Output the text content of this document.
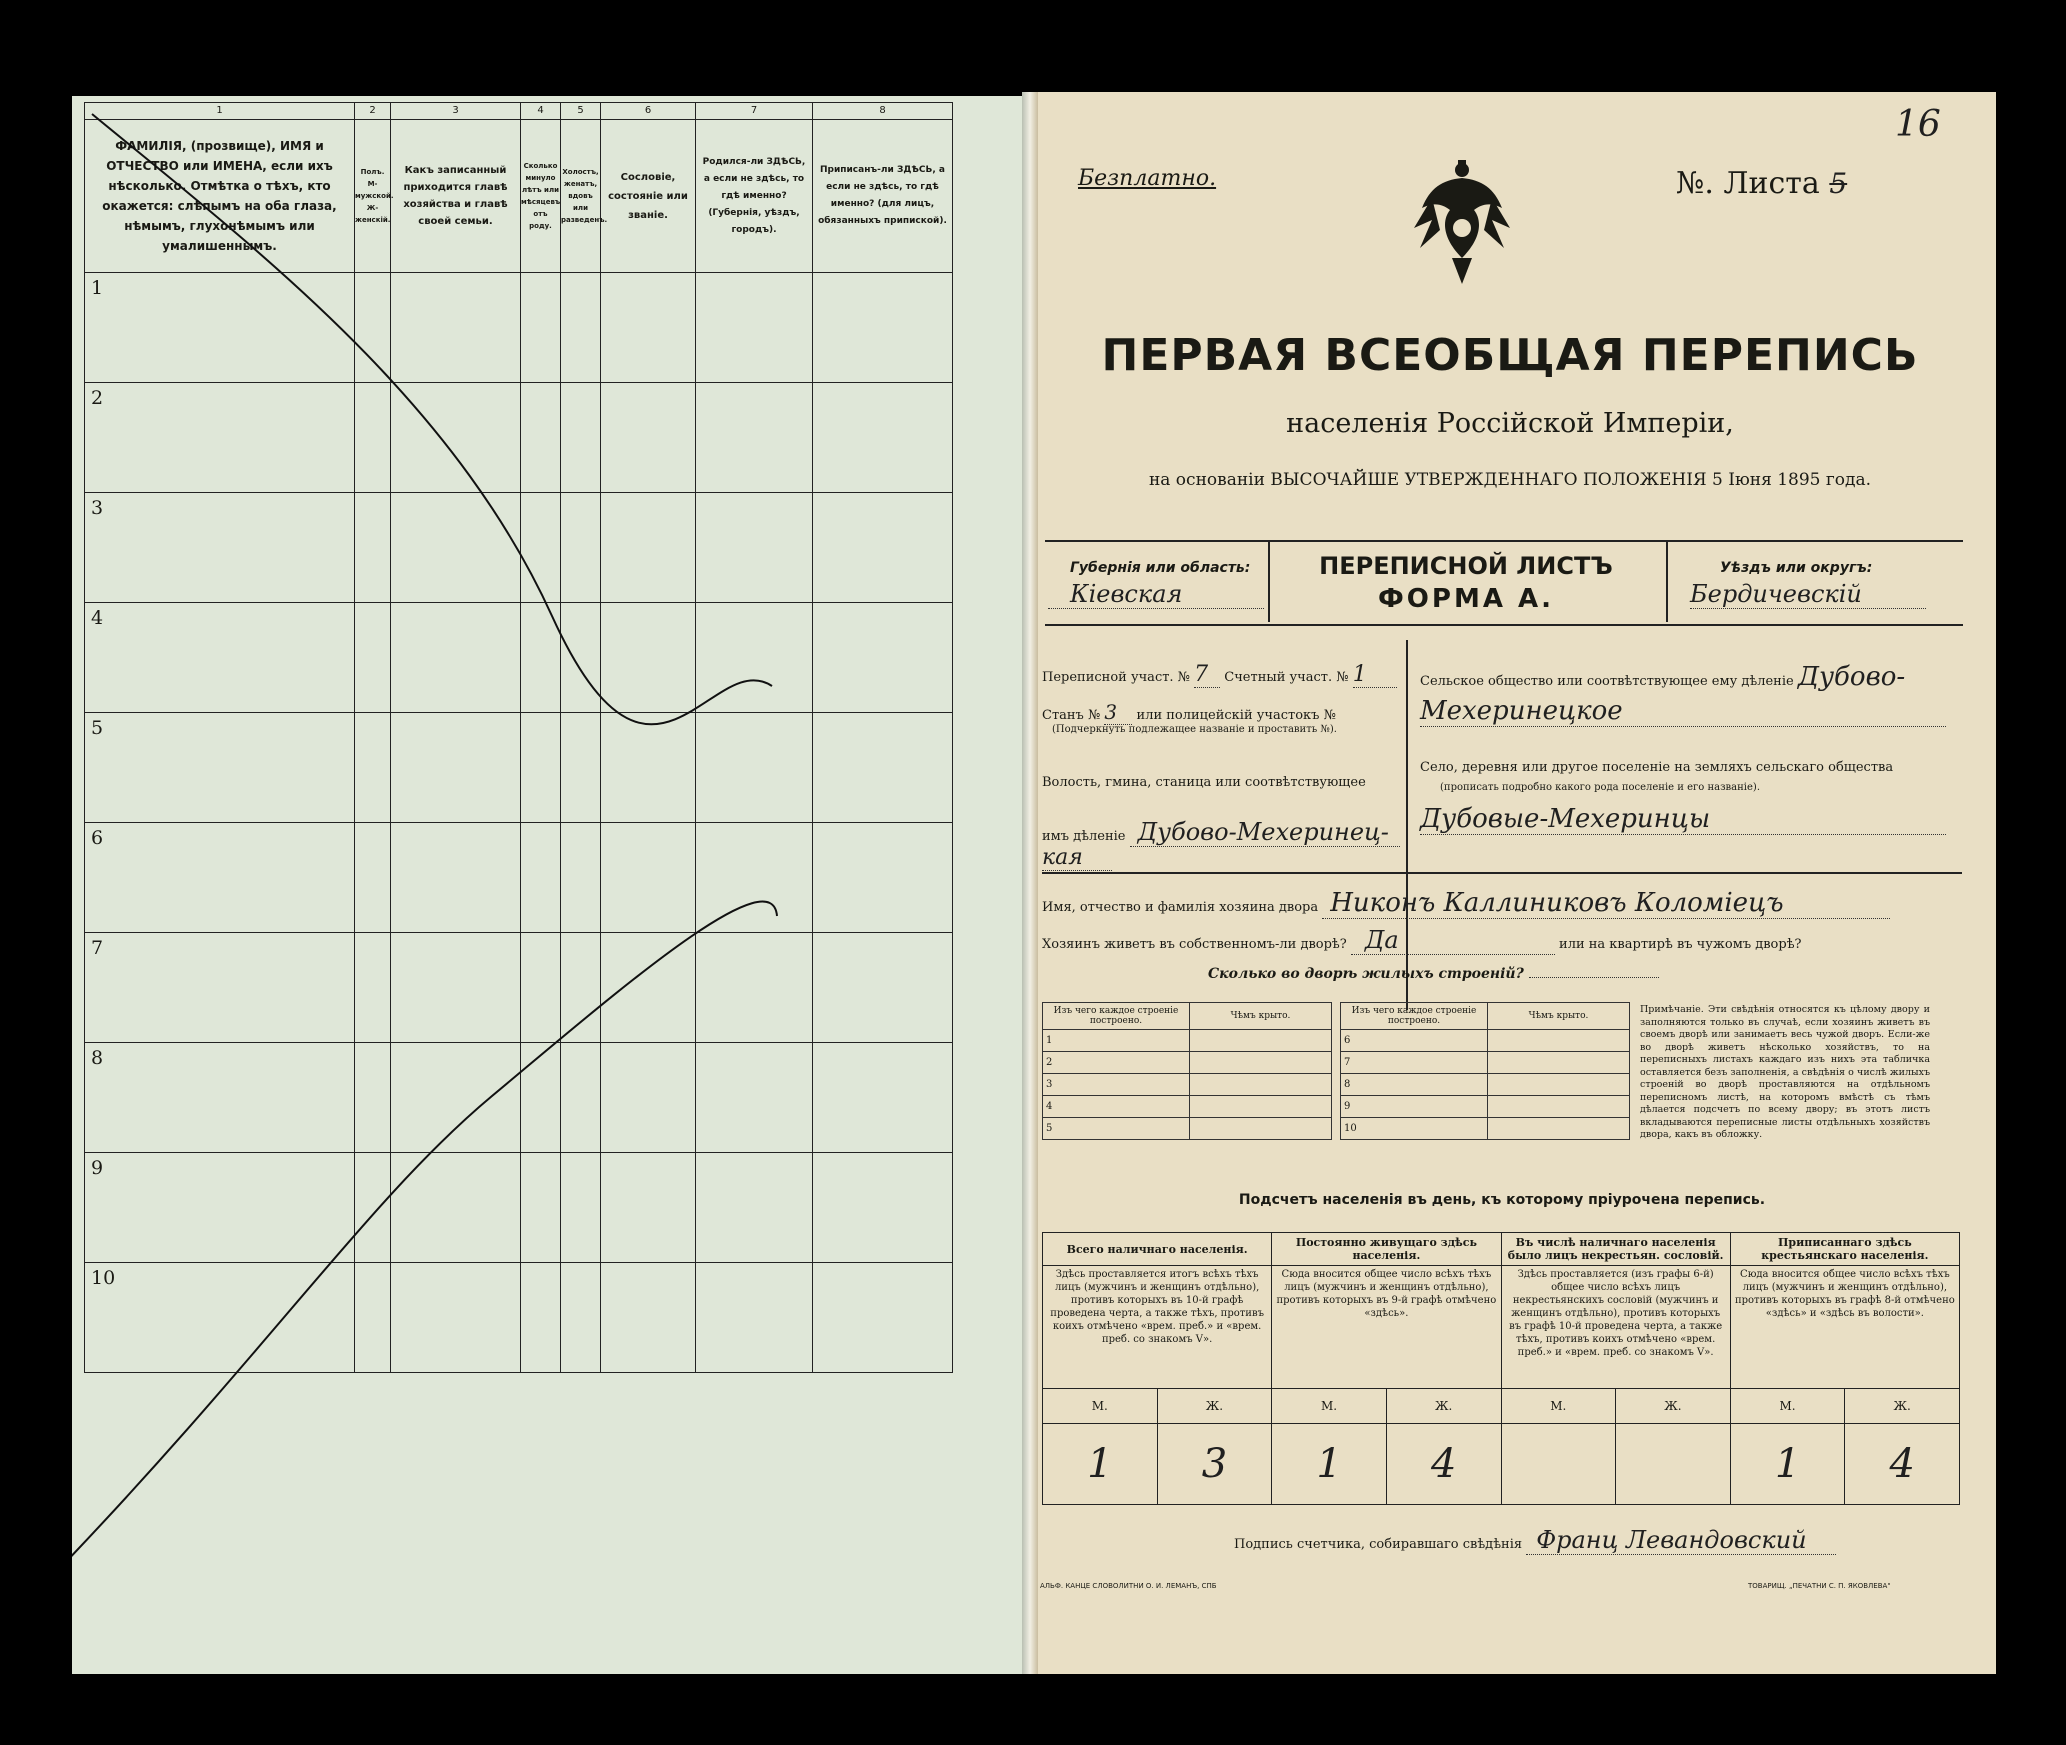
1	2	3	4	5	6	7	8
ФАМИЛІЯ, (прозвище), ИМЯ и ОТЧЕСТВО или ИМЕНА, если ихъ нѣсколько. Отмѣтка о тѣхъ, кто окажется: слѣпымъ на оба глаза, нѣмымъ, глухонѣмымъ или умалишеннымъ.	Полъ. М-мужской. Ж-женскій.	Какъ записанный приходится главѣ хозяйства и главѣ своей семьи.	Сколько минуло лѣтъ или мѣсяцевъ отъ роду.	Холостъ, женатъ, вдовъ или разведенъ.	Сословіе, состояніе или званіе.	Родился-ли ЗДѢСЬ, а если не здѣсь, то гдѣ именно? (Губернія, уѣздъ, городъ).	Приписанъ-ли ЗДѢСЬ, а если не здѣсь, то гдѣ именно? (для лицъ, обязанныхъ припиской).

1							

2							

3							

4							

5							

6							

7							

8							

9							

10							

16
Безплатно.	№. Листа 5
ПЕРВАЯ ВСЕОБЩАЯ ПЕРЕПИСЬ
населенія Россійской Имперіи,
на основаніи ВЫСОЧАЙШЕ УТВЕРЖДЕННАГО ПОЛОЖЕНІЯ 5 Іюня 1895 года.
Губернія или область:
Кіевская
ПЕРЕПИСНОЙ ЛИСТЪ
ФОРМА А.
Уѣздъ или округъ:
Бердичевскій
Переписной участ. № 7 Счетный участ. № 1
Станъ № 3 или полицейскій участокъ №
(Подчеркнуть подлежащее названіе и проставить №).
Волость, гмина, станица или соотвѣтствующее
имъ дѣленіе Дубово-Мехеринец-
кая
Сельское общество или соотвѣтствующее ему дѣленіе Дубово-
Мехеринецкое
Село, деревня или другое поселеніе на земляхъ сельскаго общества
(прописать подробно какого рода поселеніе и его названіе).
Дубовые-Мехеринцы
Имя, отчество и фамилія хозяина двора Никонъ Каллиниковъ Коломiецъ
Хозяинъ живетъ въ собственномъ-ли дворѣ? Да	или на квартирѣ въ чужомъ дворѣ?
Сколько во дворѣ жилыхъ строеній?
Изъ чего каждое строеніе построено.	Чѣмъ крыто.
1	
2	
3	
4	
5	
Изъ чего каждое строеніе построено.	Чѣмъ крыто.
6	
7	
8	
9	
10	
Примѣчаніе. Эти свѣдѣнія относятся къ цѣлому двору и заполняются только въ случаѣ, если хозяинъ живетъ въ своемъ дворѣ или занимаетъ весь чужой дворъ. Если-же во дворѣ живетъ нѣсколько хозяйствъ, то на переписныхъ листахъ каждаго изъ нихъ эта табличка оставляется безъ заполненія, а свѣдѣнія о числѣ жилыхъ строеній во дворѣ проставляются на отдѣльномъ переписномъ листѣ, на которомъ вмѣстѣ съ тѣмъ дѣлается подсчетъ по всему двору; въ этотъ листъ вкладываются переписные листы отдѣльныхъ хозяйствъ двора, какъ въ обложку.
Подсчетъ населенія въ день, къ которому пріурочена перепись.
Всего наличнаго населенія.		Постоянно живущаго здѣсь населенія.		Въ числѣ наличнаго населенія было лицъ некрестьян. сословій.		Приписаннаго здѣсь крестьянскаго населенія.	
Здѣсь проставляется итогъ всѣхъ тѣхъ лицъ (мужчинъ и женщинъ отдѣльно), противъ которыхъ въ 10-й графѣ проведена черта, а также тѣхъ, противъ коихъ отмѣчено «врем. преб.» и «врем. преб. со знакомъ V».		Сюда вносится общее число всѣхъ тѣхъ лицъ (мужчинъ и женщинъ отдѣльно), противъ которыхъ въ 9-й графѣ отмѣчено «здѣсь».		Здѣсь проставляется (изъ графы 6-й) общее число всѣхъ лицъ некрестьянскихъ сословій (мужчинъ и женщинъ отдѣльно), противъ которыхъ въ графѣ 10-й проведена черта, а также тѣхъ, противъ коихъ отмѣчено «врем. преб.» и «врем. преб. со знакомъ V».		Сюда вносится общее число всѣхъ тѣхъ лицъ (мужчинъ и женщинъ отдѣльно), противъ которыхъ въ графѣ 8-й отмѣчено «здѣсь» и «здѣсь въ волости».	
М.	Ж.	М.	Ж.	М.	Ж.	М.	Ж.
1	3	1	4			1	4
Подпись счетчика, собиравшаго свѣдѣнія Франц Левандовский
АЛЬФ. КАНЦЕ СЛОВОЛИТНИ О. И. ЛЕМАНЪ, СПБ	ТОВАРИЩ. „ПЕЧАТНИ С. П. ЯКОВЛЕВА"
